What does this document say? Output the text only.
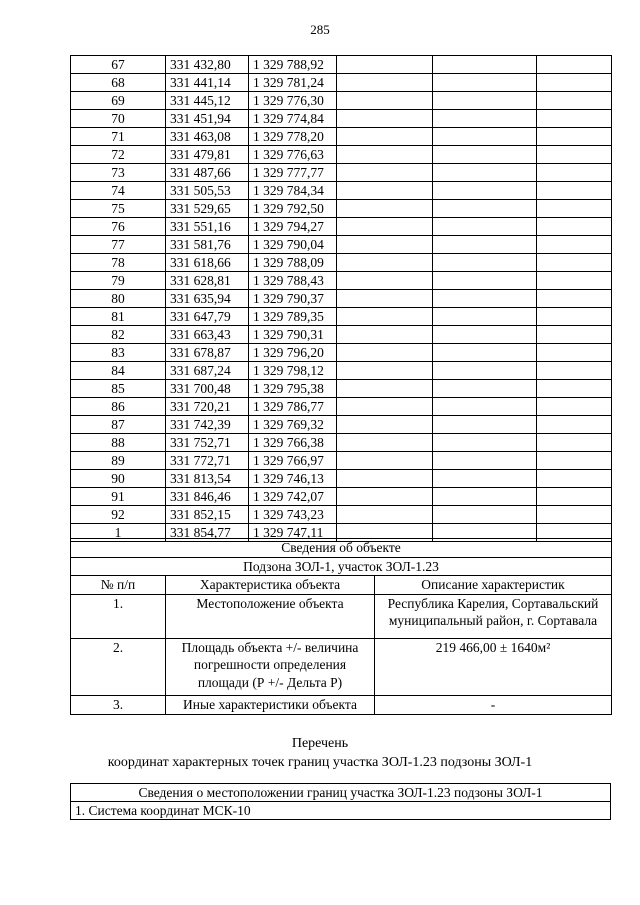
285
67	331 432,80	1 329 788,92			
68	331 441,14	1 329 781,24			
69	331 445,12	1 329 776,30			
70	331 451,94	1 329 774,84			
71	331 463,08	1 329 778,20			
72	331 479,81	1 329 776,63			
73	331 487,66	1 329 777,77			
74	331 505,53	1 329 784,34			
75	331 529,65	1 329 792,50			
76	331 551,16	1 329 794,27			
77	331 581,76	1 329 790,04			
78	331 618,66	1 329 788,09			
79	331 628,81	1 329 788,43			
80	331 635,94	1 329 790,37			
81	331 647,79	1 329 789,35			
82	331 663,43	1 329 790,31			
83	331 678,87	1 329 796,20			
84	331 687,24	1 329 798,12			
85	331 700,48	1 329 795,38			
86	331 720,21	1 329 786,77			
87	331 742,39	1 329 769,32			
88	331 752,71	1 329 766,38			
89	331 772,71	1 329 766,97			
90	331 813,54	1 329 746,13			
91	331 846,46	1 329 742,07			
92	331 852,15	1 329 743,23			
1	331 854,77	1 329 747,11			
Сведения об объекте		
Подзона ЗОЛ-1, участок ЗОЛ-1.23		
№ п/п	Характеристика объекта	Описание характеристик
1.	Местоположение объекта	Республика Карелия, Сортавальский муниципальный район, г. Сортавала
2.	Площадь объекта +/- величина погрешности определения площади (Р +/- Дельта Р)	219 466,00 ± 1640м²
3.	Иные характеристики объекта	-
Перечень
координат характерных точек границ участка ЗОЛ-1.23 подзоны ЗОЛ-1
Сведения о местоположении границ участка ЗОЛ-1.23 подзоны ЗОЛ-1
1. Система координат МСК-10
